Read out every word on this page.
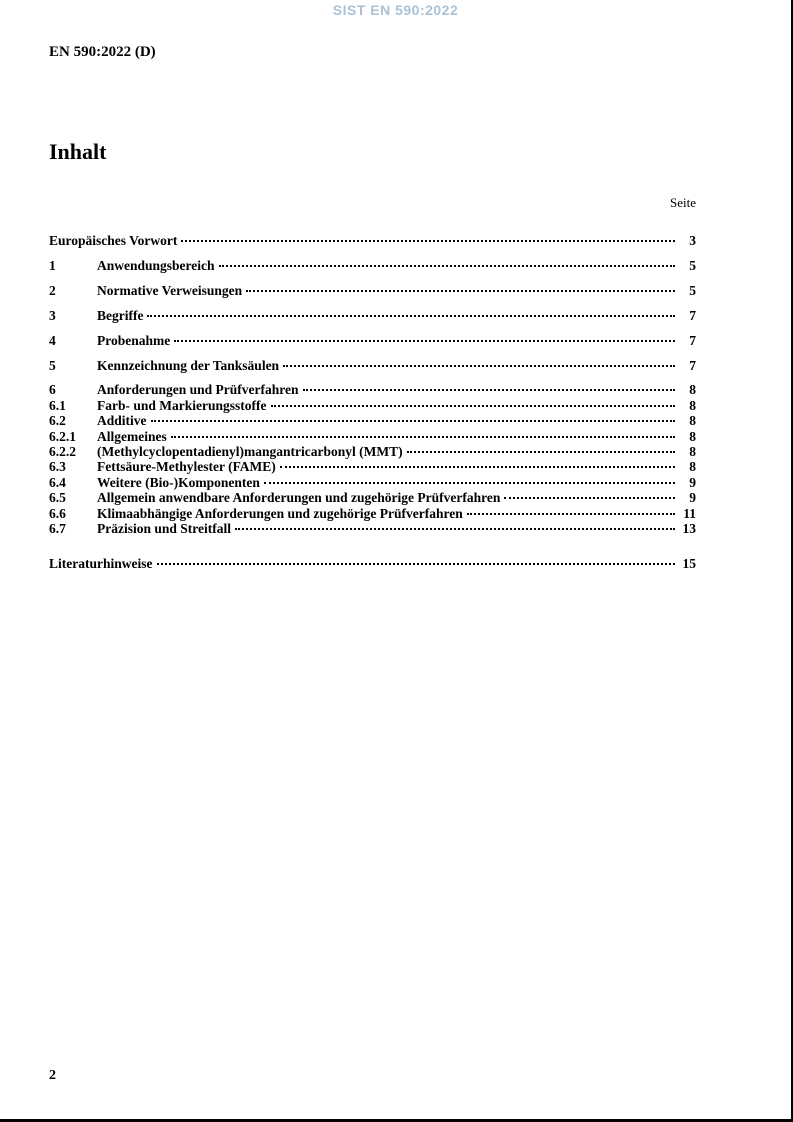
SIST EN 590:2022
EN 590:2022 (D)
Inhalt
Seite
Europäisches Vorwort	3
1	Anwendungsbereich	5
2	Normative Verweisungen	5
3	Begriffe	7
4	Probenahme	7
5	Kennzeichnung der Tanksäulen	7
6	Anforderungen und Prüfverfahren	8
6.1	Farb- und Markierungsstoffe	8
6.2	Additive	8
6.2.1	Allgemeines	8
6.2.2	(Methylcyclopentadienyl)mangantricarbonyl (MMT)	8
6.3	Fettsäure-Methylester (FAME)	8
6.4	Weitere (Bio-)Komponenten	9
6.5	Allgemein anwendbare Anforderungen und zugehörige Prüfverfahren	9
6.6	Klimaabhängige Anforderungen und zugehörige Prüfverfahren	11
6.7	Präzision und Streitfall	13
Literaturhinweise	15
2
